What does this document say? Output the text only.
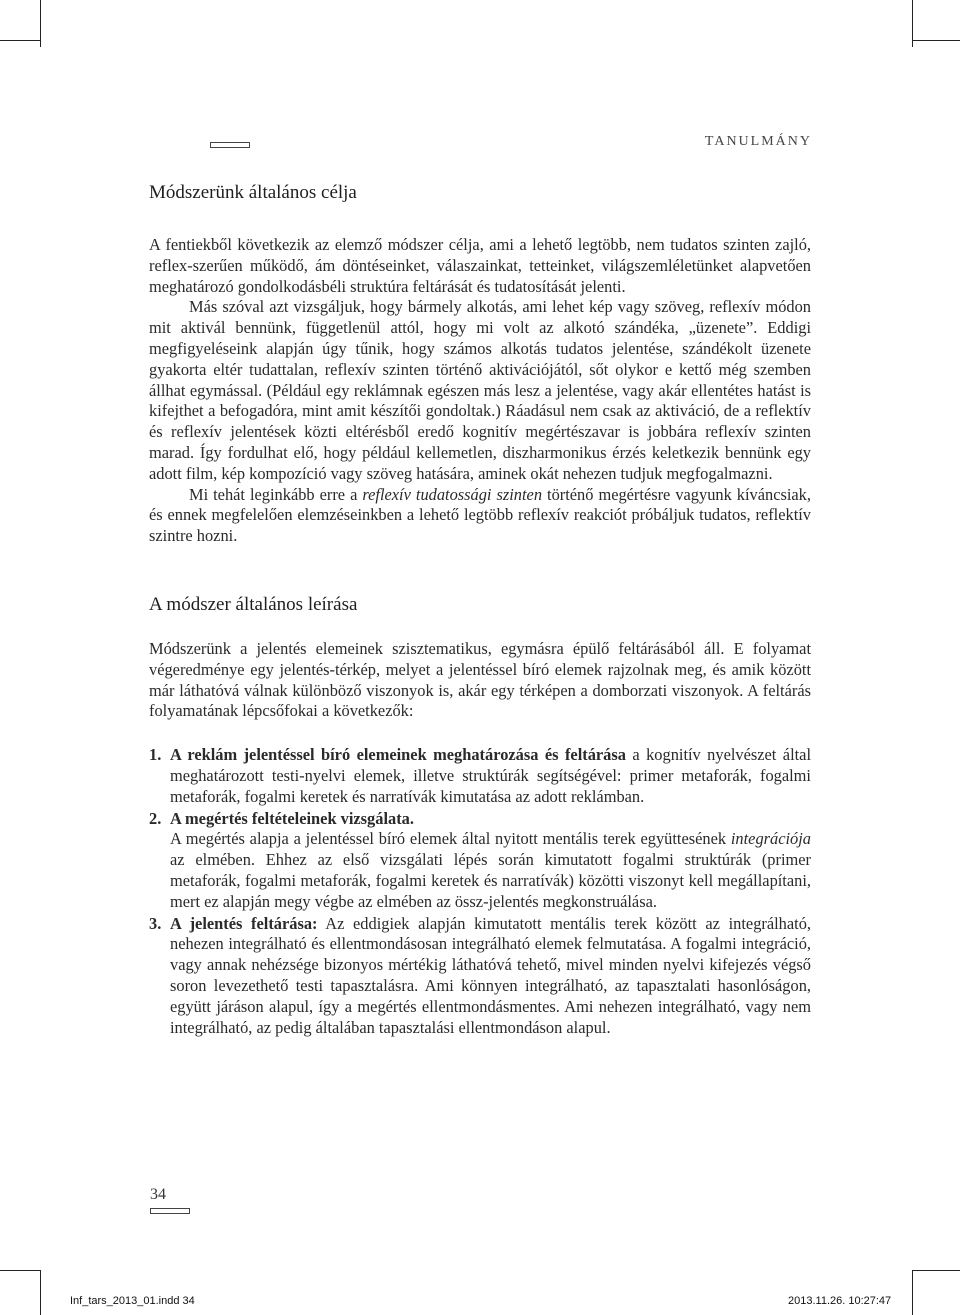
TANULMÁNY
Módszerünk általános célja

A fentiekből következik az elemző módszer célja, ami a lehető legtöbb, nem tudatos szinten zajló, reflex-szerűen működő, ám döntéseinket, válaszainkat, tetteinket, világszemléletünket alapvetően meghatározó gondolkodásbéli struktúra feltárását és tudatosítását jelenti.

Más szóval azt vizsgáljuk, hogy bármely alkotás, ami lehet kép vagy szöveg, reflexív módon mit aktivál bennünk, függetlenül attól, hogy mi volt az alkotó szándéka, „üzenete”. Eddigi megfigyeléseink alapján úgy tűnik, hogy számos alkotás tudatos jelentése, szándékolt üzenete gyakorta eltér tudattalan, reflexív szinten történő aktivációjától, sőt olykor e kettő még szemben állhat egymással. (Például egy reklámnak egészen más lesz a jelentése, vagy akár ellentétes hatást is kifejthet a befogadóra, mint amit készítői gondoltak.) Ráadásul nem csak az aktiváció, de a reflektív és reflexív jelentések közti eltérésből eredő kognitív megértészavar is jobbára reflexív szinten marad. Így fordulhat elő, hogy például kellemetlen, diszharmonikus érzés keletkezik bennünk egy adott film, kép kompozíció vagy szöveg hatására, aminek okát nehezen tudjuk megfogalmazni.

Mi tehát leginkább erre a reflexív tudatossági szinten történő megértésre vagyunk kíváncsiak, és ennek megfelelően elemzéseinkben a lehető legtöbb reflexív reakciót próbáljuk tudatos, reflektív szintre hozni.

A módszer általános leírása

Módszerünk a jelentés elemeinek szisztematikus, egymásra épülő feltárásából áll. E folyamat végeredménye egy jelentés-térkép, melyet a jelentéssel bíró elemek rajzolnak meg, és amik között már láthatóvá válnak különböző viszonyok is, akár egy térképen a domborzati viszonyok. A feltárás folyamatának lépcsőfokai a következők:

1. A reklám jelentéssel bíró elemeinek meghatározása és feltárása a kognitív nyelvészet által meghatározott testi-nyelvi elemek, illetve struktúrák segítségével: primer metaforák, fogalmi metaforák, fogalmi keretek és narratívák kimutatása az adott reklámban.
2. A megértés feltételeinek vizsgálata.
A megértés alapja a jelentéssel bíró elemek által nyitott mentális terek együttesének integrációja az elmében. Ehhez az első vizsgálati lépés során kimutatott fogalmi struktúrák (primer metaforák, fogalmi metaforák, fogalmi keretek és narratívák) közötti viszonyt kell megállapítani, mert ez alapján megy végbe az elmében az össz-jelentés megkonstruálása.
3. A jelentés feltárása: Az eddigiek alapján kimutatott mentális terek között az integrálható, nehezen integrálható és ellentmondásosan integrálható elemek felmutatása. A fogalmi integráció, vagy annak nehézsége bizonyos mértékig láthatóvá tehető, mivel minden nyelvi kifejezés végső soron levezethető testi tapasztalásra. Ami könnyen integrálható, az tapasztalati hasonlóságon, együtt járáson alapul, így a megértés ellentmondásmentes. Ami nehezen integrálható, vagy nem integrálható, az pedig általában tapasztalási ellentmondáson alapul.
34
Inf_tars_2013_01.indd 34	2013.11.26. 10:27:47
